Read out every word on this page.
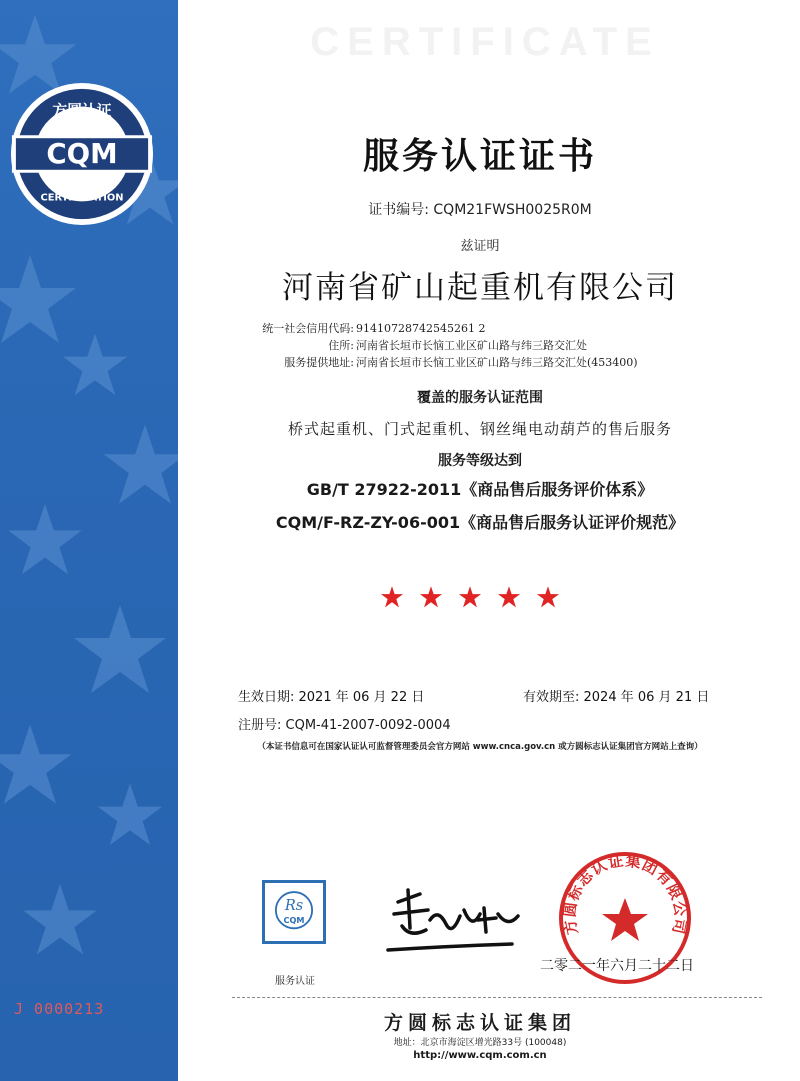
J 0000213
CERTIFICATE
CQM
方圆认证
CERTIFICATION
服务认证证书
证书编号: CQM21FWSH0025R0M
兹证明
河南省矿山起重机有限公司
统一社会信用代码: 91410728742545261 2
住所: 河南省长垣市长恼工业区矿山路与纬三路交汇处
服务提供地址: 河南省长垣市长恼工业区矿山路与纬三路交汇处(453400)
覆盖的服务认证范围
桥式起重机、门式起重机、钢丝绳电动葫芦的售后服务
服务等级达到
GB/T 27922-2011《商品售后服务评价体系》
CQM/F-RZ-ZY-06-001《商品售后服务认证评价规范》
生效日期: 2021 年 06 月 22 日	有效期至: 2024 年 06 月 21 日
注册号: CQM-41-2007-0092-0004
（本证书信息可在国家认证认可监督管理委员会官方网站 www.cnca.gov.cn 或方圆标志认证集团官方网站上查询）
Rs
CQM
服务认证
方圆标志认证集团有限公司
二零二一年六月二十二日
方圆标志认证集团
地址：北京市海淀区增光路33号 (100048)
http://www.cqm.com.cn
